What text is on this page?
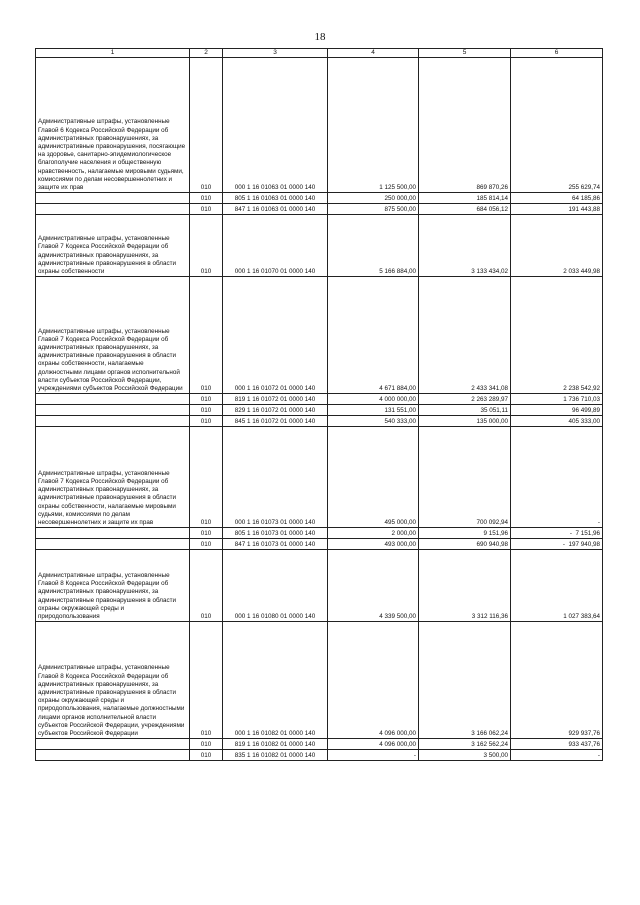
18
1	2	3	4	5	6
Административные штрафы, установленные Главой 6 Кодекса Российской Федерации об административных правонарушениях, за административные правонарушения, посягающие на здоровье, санитарно-эпидемиологическое благополучие населения и общественную нравственность, налагаемые мировыми судьями, комиссиями по делам несовершеннолетних и защите их прав	010	000 1 16 01063 01 0000 140	1 125 500,00	869 870,26	255 629,74
	010	805 1 16 01063 01 0000 140	250 000,00	185 814,14	64 185,86
	010	847 1 16 01063 01 0000 140	875 500,00	684 056,12	191 443,88
Административные штрафы, установленные Главой 7 Кодекса Российской Федерации об административных правонарушениях, за административные правонарушения в области охраны собственности	010	000 1 16 01070 01 0000 140	5 166 884,00	3 133 434,02	2 033 449,98
Административные штрафы, установленные Главой 7 Кодекса Российской Федерации об административных правонарушениях, за административные правонарушения в области охраны собственности, налагаемые должностными лицами органов исполнительной власти субъектов Российской Федерации, учреждениями субъектов Российской Федерации	010	000 1 16 01072 01 0000 140	4 671 884,00	2 433 341,08	2 238 542,92
	010	819 1 16 01072 01 0000 140	4 000 000,00	2 263 289,97	1 736 710,03
	010	829 1 16 01072 01 0000 140	131 551,00	35 051,11	96 499,89
	010	845 1 16 01072 01 0000 140	540 333,00	135 000,00	405 333,00
Административные штрафы, установленные Главой 7 Кодекса Российской Федерации об административных правонарушениях, за административные правонарушения в области охраны собственности, налагаемые мировыми судьями, комиссиями по делам несовершеннолетних и защите их прав	010	000 1 16 01073 01 0000 140	495 000,00	700 092,94	-
	010	805 1 16 01073 01 0000 140	2 000,00	9 151,96	-  7 151,96
	010	847 1 16 01073 01 0000 140	493 000,00	690 940,98	-  197 940,98
Административные штрафы, установленные Главой 8 Кодекса Российской Федерации об административных правонарушениях, за административные правонарушения в области охраны окружающей среды и природопользования	010	000 1 16 01080 01 0000 140	4 339 500,00	3 312 116,36	1 027 383,64
Административные штрафы, установленные Главой 8 Кодекса Российской Федерации об административных правонарушениях, за административные правонарушения в области охраны окружающей среды и природопользования, налагаемые должностными лицами органов исполнительной власти субъектов Российской Федерации, учреждениями субъектов Российской Федерации	010	000 1 16 01082 01 0000 140	4 096 000,00	3 166 062,24	929 937,76
	010	819 1 16 01082 01 0000 140	4 096 000,00	3 162 562,24	933 437,76
	010	835 1 16 01082 01 0000 140	-	3 500,00	-
